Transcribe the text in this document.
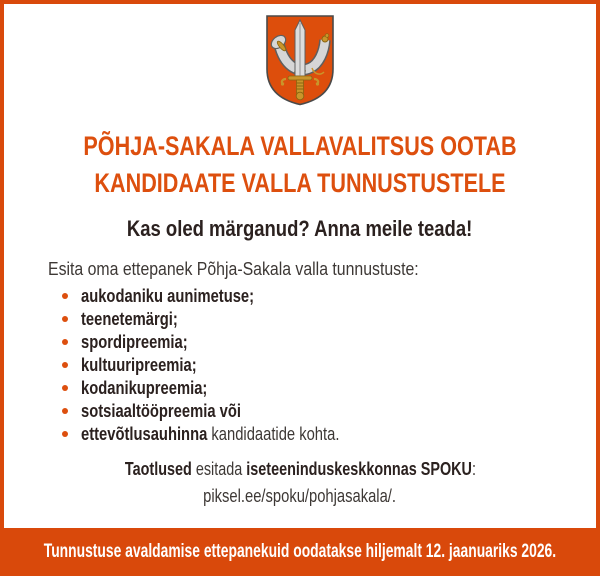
PÕHJA-SAKALA VALLAVALITSUS OOTAB
KANDIDAATE VALLA TUNNUSTUSTELE
Kas oled märganud? Anna meile teada!

Esita oma ettepanek Põhja-Sakala valla tunnustuste:

aukodaniku aunimetuse;
teenetemärgi;
spordipreemia;
kultuuripreemia;
kodanikupreemia;
sotsiaaltööpreemia või
ettevõtlusauhinna kandidaatide kohta.

Taotlused esitada iseteeninduskeskkonnas SPOKU:

piksel.ee/spoku/pohjasakala/.

Tunnustuse avaldamise ettepanekuid oodatakse hiljemalt 12. jaanuariks 2026.
